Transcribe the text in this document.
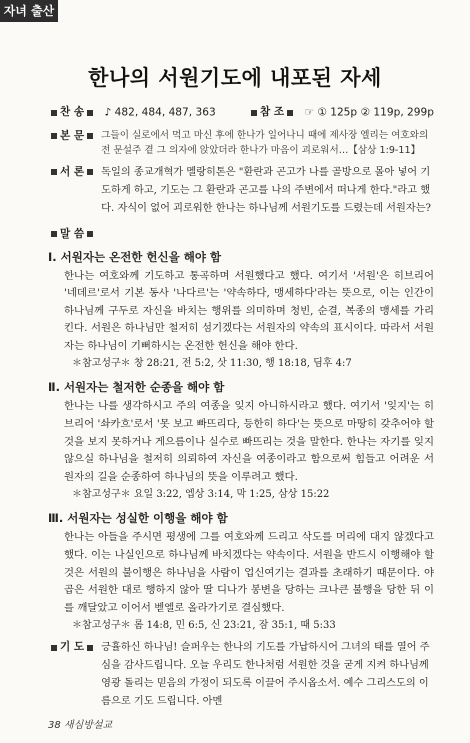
자녀 출산
한나의 서원기도에 내포된 자세
찬 송 ♪ 482, 484, 487, 363	참 조 ☞ ① 125p ② 119p, 299p
본 문 그들이 실로에서 먹고 마신 후에 한나가 일어나니 때에 제사장 엘리는 여호와의 전 문설주 곁 그 의자에 앉았더라 한나가 마음이 괴로워서…【삼상 1:9-11】
서 론 독일의 종교개혁가 멜랑히톤은 "환란과 곤고가 나를 골방으로 몰아 넣어 기도하게 하고, 기도는 그 환란과 곤고를 나의 주변에서 떠나게 한다."라고 했다. 자식이 없어 괴로워한 한나는 하나님께 서원기도를 드렸는데 서원자는?
말 씀
Ⅰ. 서원자는 온전한 헌신을 해야 함
한나는 여호와께 기도하고 통곡하며 서원했다고 했다. 여기서 '서원'은 히브리어 '네데르'로서 기본 동사 '나다르'는 '약속하다, 맹세하다'라는 뜻으로, 이는 인간이 하나님께 구두로 자신을 바치는 행위를 의미하며 청빈, 순결, 복종의 맹세를 가리킨다. 서원은 하나님만 철저히 섬기겠다는 서원자의 약속의 표시이다. 따라서 서원자는 하나님이 기뻐하시는 온전한 헌신을 해야 한다.
＊참고성구＊ 창 28:21, 전 5:2, 삿 11:30, 행 18:18, 딤후 4:7
Ⅱ. 서원자는 철저한 순종을 해야 함
한나는 나를 생각하시고 주의 여종을 잊지 아니하시라고 했다. 여기서 '잊지'는 히브리어 '솨카흐'로서 '못 보고 빠뜨리다, 등한히 하다'는 뜻으로 마땅히 갖추어야 할 것을 보지 못하거나 게으름이나 실수로 빠뜨리는 것을 말한다. 한나는 자기를 잊지 않으실 하나님을 철저히 의뢰하여 자신을 여종이라고 함으로써 힘들고 어려운 서원자의 길을 순종하여 하나님의 뜻을 이루려고 했다.
＊참고성구＊ 요일 3:22, 엡상 3:14, 막 1:25, 삼상 15:22
Ⅲ. 서원자는 성실한 이행을 해야 함
한나는 아들을 주시면 평생에 그를 여호와께 드리고 삭도를 머리에 대지 않겠다고 했다. 이는 나실인으로 하나님께 바치겠다는 약속이다. 서원을 반드시 이행해야 할 것은 서원의 불이행은 하나님을 사람이 업신여기는 결과를 초래하기 때문이다. 야곱은 서원한 대로 행하지 않아 딸 디나가 봉변을 당하는 크나큰 불행을 당한 뒤 이를 깨달았고 이어서 벧엘로 올라가기로 결심했다.
＊참고성구＊ 롬 14:8, 민 6:5, 신 23:21, 잠 35:1, 때 5:33
기 도 긍휼하신 하나님! 슬퍼우는 한나의 기도를 가납하시어 그녀의 태를 열어 주심을 감사드립니다. 오늘 우리도 한나처럼 서원한 것을 굳게 지켜 하나님께 영광 돌리는 믿음의 가정이 되도록 이끌어 주시옵소서. 예수 그리스도의 이름으로 기도 드립니다. 아멘
38 새심방설교
